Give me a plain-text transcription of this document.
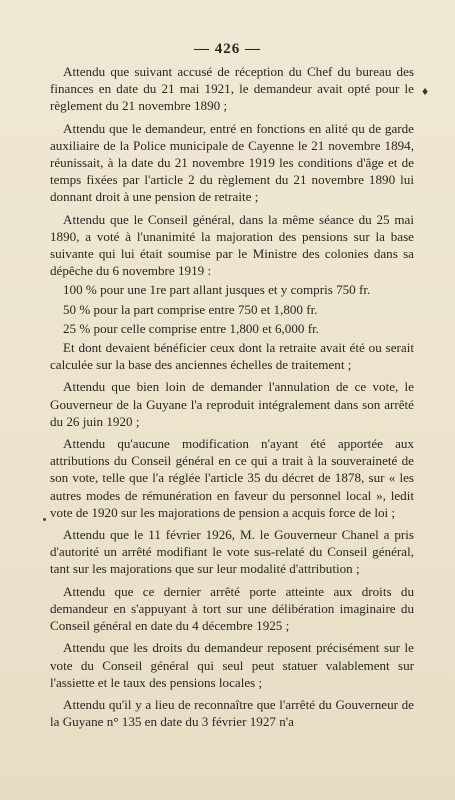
— 426 —
♦

Attendu que suivant accusé de réception du Chef du bureau des finances en date du 21 mai 1921, le demandeur avait opté pour le règlement du 21 novembre 1890 ;

Attendu que le demandeur, entré en fonctions en alité qu de garde auxiliaire de la Police municipale de Cayenne le 21 novembre 1894, réunissait, à la date du 21 novembre 1919 les conditions d'âge et de temps fixées par l'article 2 du règlement du 21 novembre 1890 lui donnant droit à une pension de retraite ;

Attendu que le Conseil général, dans la même séance du 25 mai 1890, a voté à l'unanimité la majoration des pensions sur la base suivante qui lui était soumise par le Ministre des colonies dans sa dépêche du 6 novembre 1919 :

100 % pour une 1re part allant jusques et y compris 750 fr.

50 % pour la part comprise entre 750 et 1,800 fr.

25 % pour celle comprise entre 1,800 et 6,000 fr.

Et dont devaient bénéficier ceux dont la retraite avait été ou serait calculée sur la base des anciennes échelles de traitement ;

Attendu que bien loin de demander l'annulation de ce vote, le Gouverneur de la Guyane l'a reproduit intégralement dans son arrêté du 26 juin 1920 ;

Attendu qu'aucune modification n'ayant été apportée aux attributions du Conseil général en ce qui a trait à la souveraineté de son vote, telle que l'a réglée l'article 35 du décret de 1878, sur « les autres modes de rémunération en faveur du personnel local », ledit vote de 1920 sur les majorations de pension a acquis force de loi ;

Attendu que le 11 février 1926, M. le Gouverneur Chanel a pris d'autorité un arrêté modifiant le vote sus-relaté du Conseil général, tant sur les majorations que sur leur modalité d'attribution ;

Attendu que ce dernier arrêté porte atteinte aux droits du demandeur en s'appuyant à tort sur une délibération imaginaire du Conseil général en date du 4 décembre 1925 ;

Attendu que les droits du demandeur reposent précisément sur le vote du Conseil général qui seul peut statuer valablement sur l'assiette et le taux des pensions locales ;

Attendu qu'il y a lieu de reconnaître que l'arrêté du Gouverneur de la Guyane n° 135 en date du 3 février 1927 n'a
